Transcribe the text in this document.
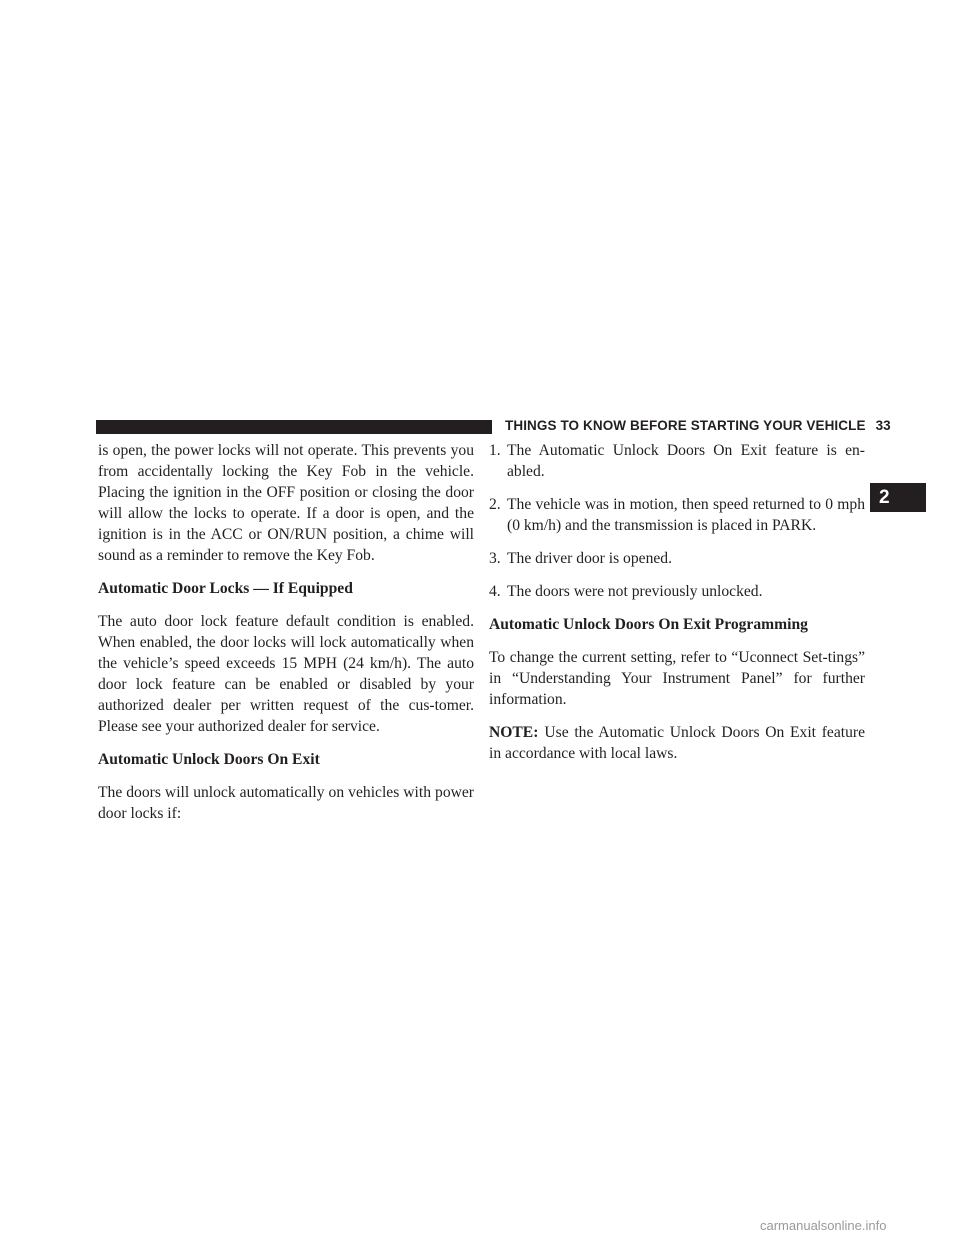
THINGS TO KNOW BEFORE STARTING YOUR VEHICLE 33
2

is open, the power locks will not operate. This prevents you from accidentally locking the Key Fob in the vehicle. Placing the ignition in the OFF position or closing the door will allow the locks to operate. If a door is open, and the ignition is in the ACC or ON/RUN position, a chime will sound as a reminder to remove the Key Fob.

Automatic Door Locks — If Equipped

The auto door lock feature default condition is enabled. When enabled, the door locks will lock automatically when the vehicle’s speed exceeds 15 MPH (24 km/h). The auto door lock feature can be enabled or disabled by your authorized dealer per written request of the cus-tomer. Please see your authorized dealer for service.

Automatic Unlock Doors On Exit

The doors will unlock automatically on vehicles with power door locks if:

1. The Automatic Unlock Doors On Exit feature is en-abled.
2. The vehicle was in motion, then speed returned to 0 mph (0 km/h) and the transmission is placed in PARK.
3. The driver door is opened.
4. The doors were not previously unlocked.
Automatic Unlock Doors On Exit Programming

To change the current setting, refer to “Uconnect Set-tings” in “Understanding Your Instrument Panel” for further information.

NOTE: Use the Automatic Unlock Doors On Exit feature in accordance with local laws.

carmanualsonline.info
